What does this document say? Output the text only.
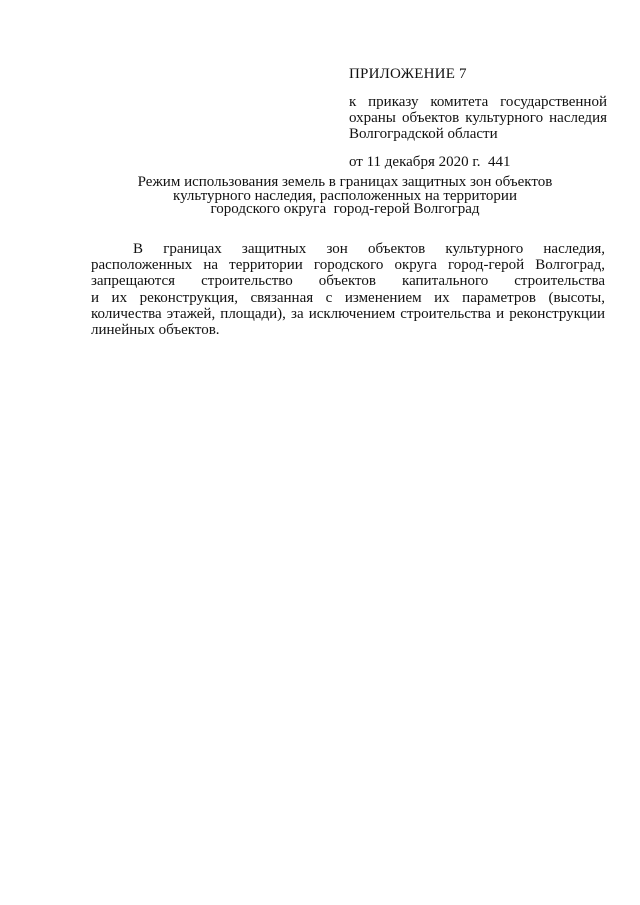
ПРИЛОЖЕНИЕ 7

к приказу комитета государственной
охраны объектов культурного наследия
Волгоградской области

от 11 декабря 2020 г.  441

Режим использования земель в границах защитных зон объектов
культурного наследия, расположенных на территории
городского округа  город-герой Волгоград
В границах защитных зон объектов культурного наследия,
расположенных на территории городского округа город-герой Волгоград,
запрещаются строительство объектов капитального строительства
и их реконструкция, связанная с изменением их параметров (высоты,
количества этажей, площади), за исключением строительства и реконструкции
линейных объектов.
